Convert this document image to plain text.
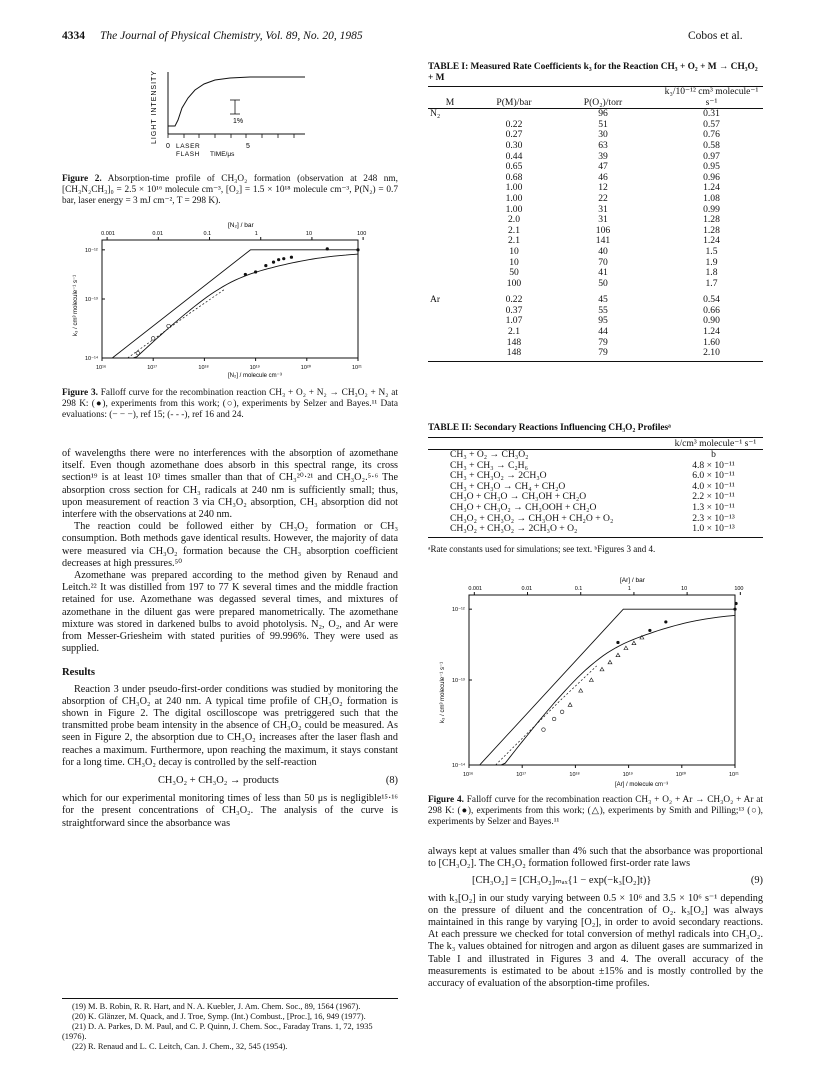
4334 The Journal of Physical Chemistry, Vol. 89, No. 20, 1985	Cobos et al.
LIGHT INTENSITY	1%
0 LASER
FLASH TIME/μs
5
Figure 2. Absorption-time profile of CH₃O₂ formation (observation at 248 nm, [CH₃N₂CH₃]₀ = 2.5 × 10¹⁶ molecule cm⁻³, [O₂] = 1.5 × 10¹⁸ molecule cm⁻³, P(N₂) = 0.7 bar, laser energy = 3 mJ cm⁻², T = 298 K).
[N₂] / bar
k₃ / cm³ molecule⁻¹ s⁻¹
10¹⁶
0.001
10¹⁷
0.01
10¹⁸
0.1
10¹⁹
1
10²⁰
10
10²¹
100
10⁻¹²
10⁻¹³
10⁻¹⁴
[N₂] / molecule cm⁻³
Figure 3. Falloff curve for the recombination reaction CH₃ + O₂ + N₂ → CH₃O₂ + N₂ at 298 K: (●), experiments from this work; (○), experiments by Selzer and Bayes.¹¹ Data evaluations: (− − −), ref 15; (- - -), ref 16 and 24.

of wavelengths there were no interferences with the absorption of azomethane itself. Even though azomethane does absorb in this spectral range, its cross section¹⁹ is at least 10³ times smaller than that of CH₃²⁰·²¹ and CH₃O₂.⁵·⁶ The absorption cross section for CH₃ radicals at 240 nm is sufficiently small; thus, upon measurement of reaction 3 via CH₃O₂ absorption, CH₃ absorption did not interfere with the observations at 240 nm.

The reaction could be followed either by CH₃O₂ formation or CH₃ consumption. Both methods gave identical results. However, the majority of data were measured via CH₃O₂ formation because the CH₃ absorption coefficient decreases at high pressures.⁵⁰

Azomethane was prepared according to the method given by Renaud and Leitch.²² It was distilled from 197 to 77 K several times and the middle fraction retained for use. Azomethane was degassed several times, and mixtures of azomethane in the diluent gas were prepared manometrically. The azomethane mixture was stored in darkened bulbs to avoid photolysis. N₂, O₂, and Ar were from Messer-Griesheim with stated purities of 99.996%. They were used as supplied.

Results

Reaction 3 under pseudo-first-order conditions was studied by monitoring the absorption of CH₃O₂ at 240 nm. A typical time profile of CH₃O₂ formation is shown in Figure 2. The digital oscilloscope was pretriggered such that the transmitted probe beam intensity in the absence of CH₃O₂ could be measured. As seen in Figure 2, the absorption due to CH₃O₂ increases after the laser flash and reaches a maximum. Furthermore, upon reaching the maximum, it stays constant for a long time. CH₃O₂ decay is controlled by the self-reaction

CH₃O₂ + CH₃O₂ → products	(8)

which for our experimental monitoring times of less than 50 μs is negligible¹⁵·¹⁶ for the present concentrations of CH₃O₂. The analysis of the curve is straightforward since the absorbance was

(19) M. B. Robin, R. R. Hart, and N. A. Kuebler, J. Am. Chem. Soc., 89, 1564 (1967).
(20) K. Glänzer, M. Quack, and J. Troe, Symp. (Int.) Combust., [Proc.], 16, 949 (1977).
(21) D. A. Parkes, D. M. Paul, and C. P. Quinn, J. Chem. Soc., Faraday Trans. 1, 72, 1935 (1976).
(22) R. Renaud and L. C. Leitch, Can. J. Chem., 32, 545 (1954).
TABLE I: Measured Rate Coefficients k₃ for the Reaction CH₃ + O₂ + M → CH₃O₂ + M
M	P(M)/bar	P(O₂)/torr	k₃/10⁻¹² cm³ molecule⁻¹ s⁻¹
N₂		96	0.31
	0.22	51	0.57
	0.27	30	0.76
	0.30	63	0.58
	0.44	39	0.97
	0.65	47	0.95
	0.68	46	0.96
	1.00	12	1.24
	1.00	22	1.08
	1.00	31	0.99
	2.0	31	1.28
	2.1	106	1.28
	2.1	141	1.24
	10	40	1.5
	10	70	1.9
	50	41	1.8
	100	50	1.7
Ar	0.22	45	0.54
	0.37	55	0.66
	1.07	95	0.90
	2.1	44	1.24
	148	79	1.60
	148	79	2.10
TABLE II: Secondary Reactions Influencing CH₃O₂ Profilesᵃ
k/cm³ molecule⁻¹ s⁻¹
CH₃ + O₂ → CH₃O₂	b
CH₃ + CH₃ → C₂H₆	4.8 × 10⁻¹¹
CH₃ + CH₃O₂ → 2CH₃O	6.0 × 10⁻¹¹
CH₃ + CH₃O → CH₄ + CH₂O	4.0 × 10⁻¹¹
CH₃O + CH₃O → CH₃OH + CH₂O	2.2 × 10⁻¹¹
CH₃O + CH₃O₂ → CH₃OOH + CH₂O	1.3 × 10⁻¹¹
CH₃O₂ + CH₃O₂ → CH₃OH + CH₂O + O₂	2.3 × 10⁻¹³
CH₃O₂ + CH₃O₂ → 2CH₃O + O₂	1.0 × 10⁻¹³
ᵃRate constants used for simulations; see text. ᵇFigures 3 and 4.
[Ar] / bar
k₃ / cm³ molecule⁻¹ s⁻¹
10¹⁶
0.001
10¹⁷
0.01
10¹⁸
0.1
10¹⁹
1
10²⁰
10
10²¹
100
10⁻¹²
10⁻¹³
10⁻¹⁴
[Ar] / molecule cm⁻³
Figure 4. Falloff curve for the recombination reaction CH₃ + O₂ + Ar → CH₃O₂ + Ar at 298 K: (●), experiments from this work; (△), experiments by Smith and Pilling;¹³ (○), experiments by Selzer and Bayes.¹¹

always kept at values smaller than 4% such that the absorbance was proportional to [CH₃O₂]. The CH₃O₂ formation followed first-order rate laws

[CH₃O₂] = [CH₃O₂]ₘₐₓ{1 − exp(−k₃[O₂]t)}	(9)

with k₃[O₂] in our study varying between 0.5 × 10⁶ and 3.5 × 10⁶ s⁻¹ depending on the pressure of diluent and the concentration of O₂. k₃[O₂] was always maintained in this range by varying [O₂], in order to avoid secondary reactions. At each pressure we checked for total conversion of methyl radicals into CH₃O₂. The k₃ values obtained for nitrogen and argon as diluent gases are summarized in Table I and illustrated in Figures 3 and 4. The overall accuracy of the measurements is estimated to be about ±15% and is mostly controlled by the accuracy of evaluation of the absorption-time profiles.
